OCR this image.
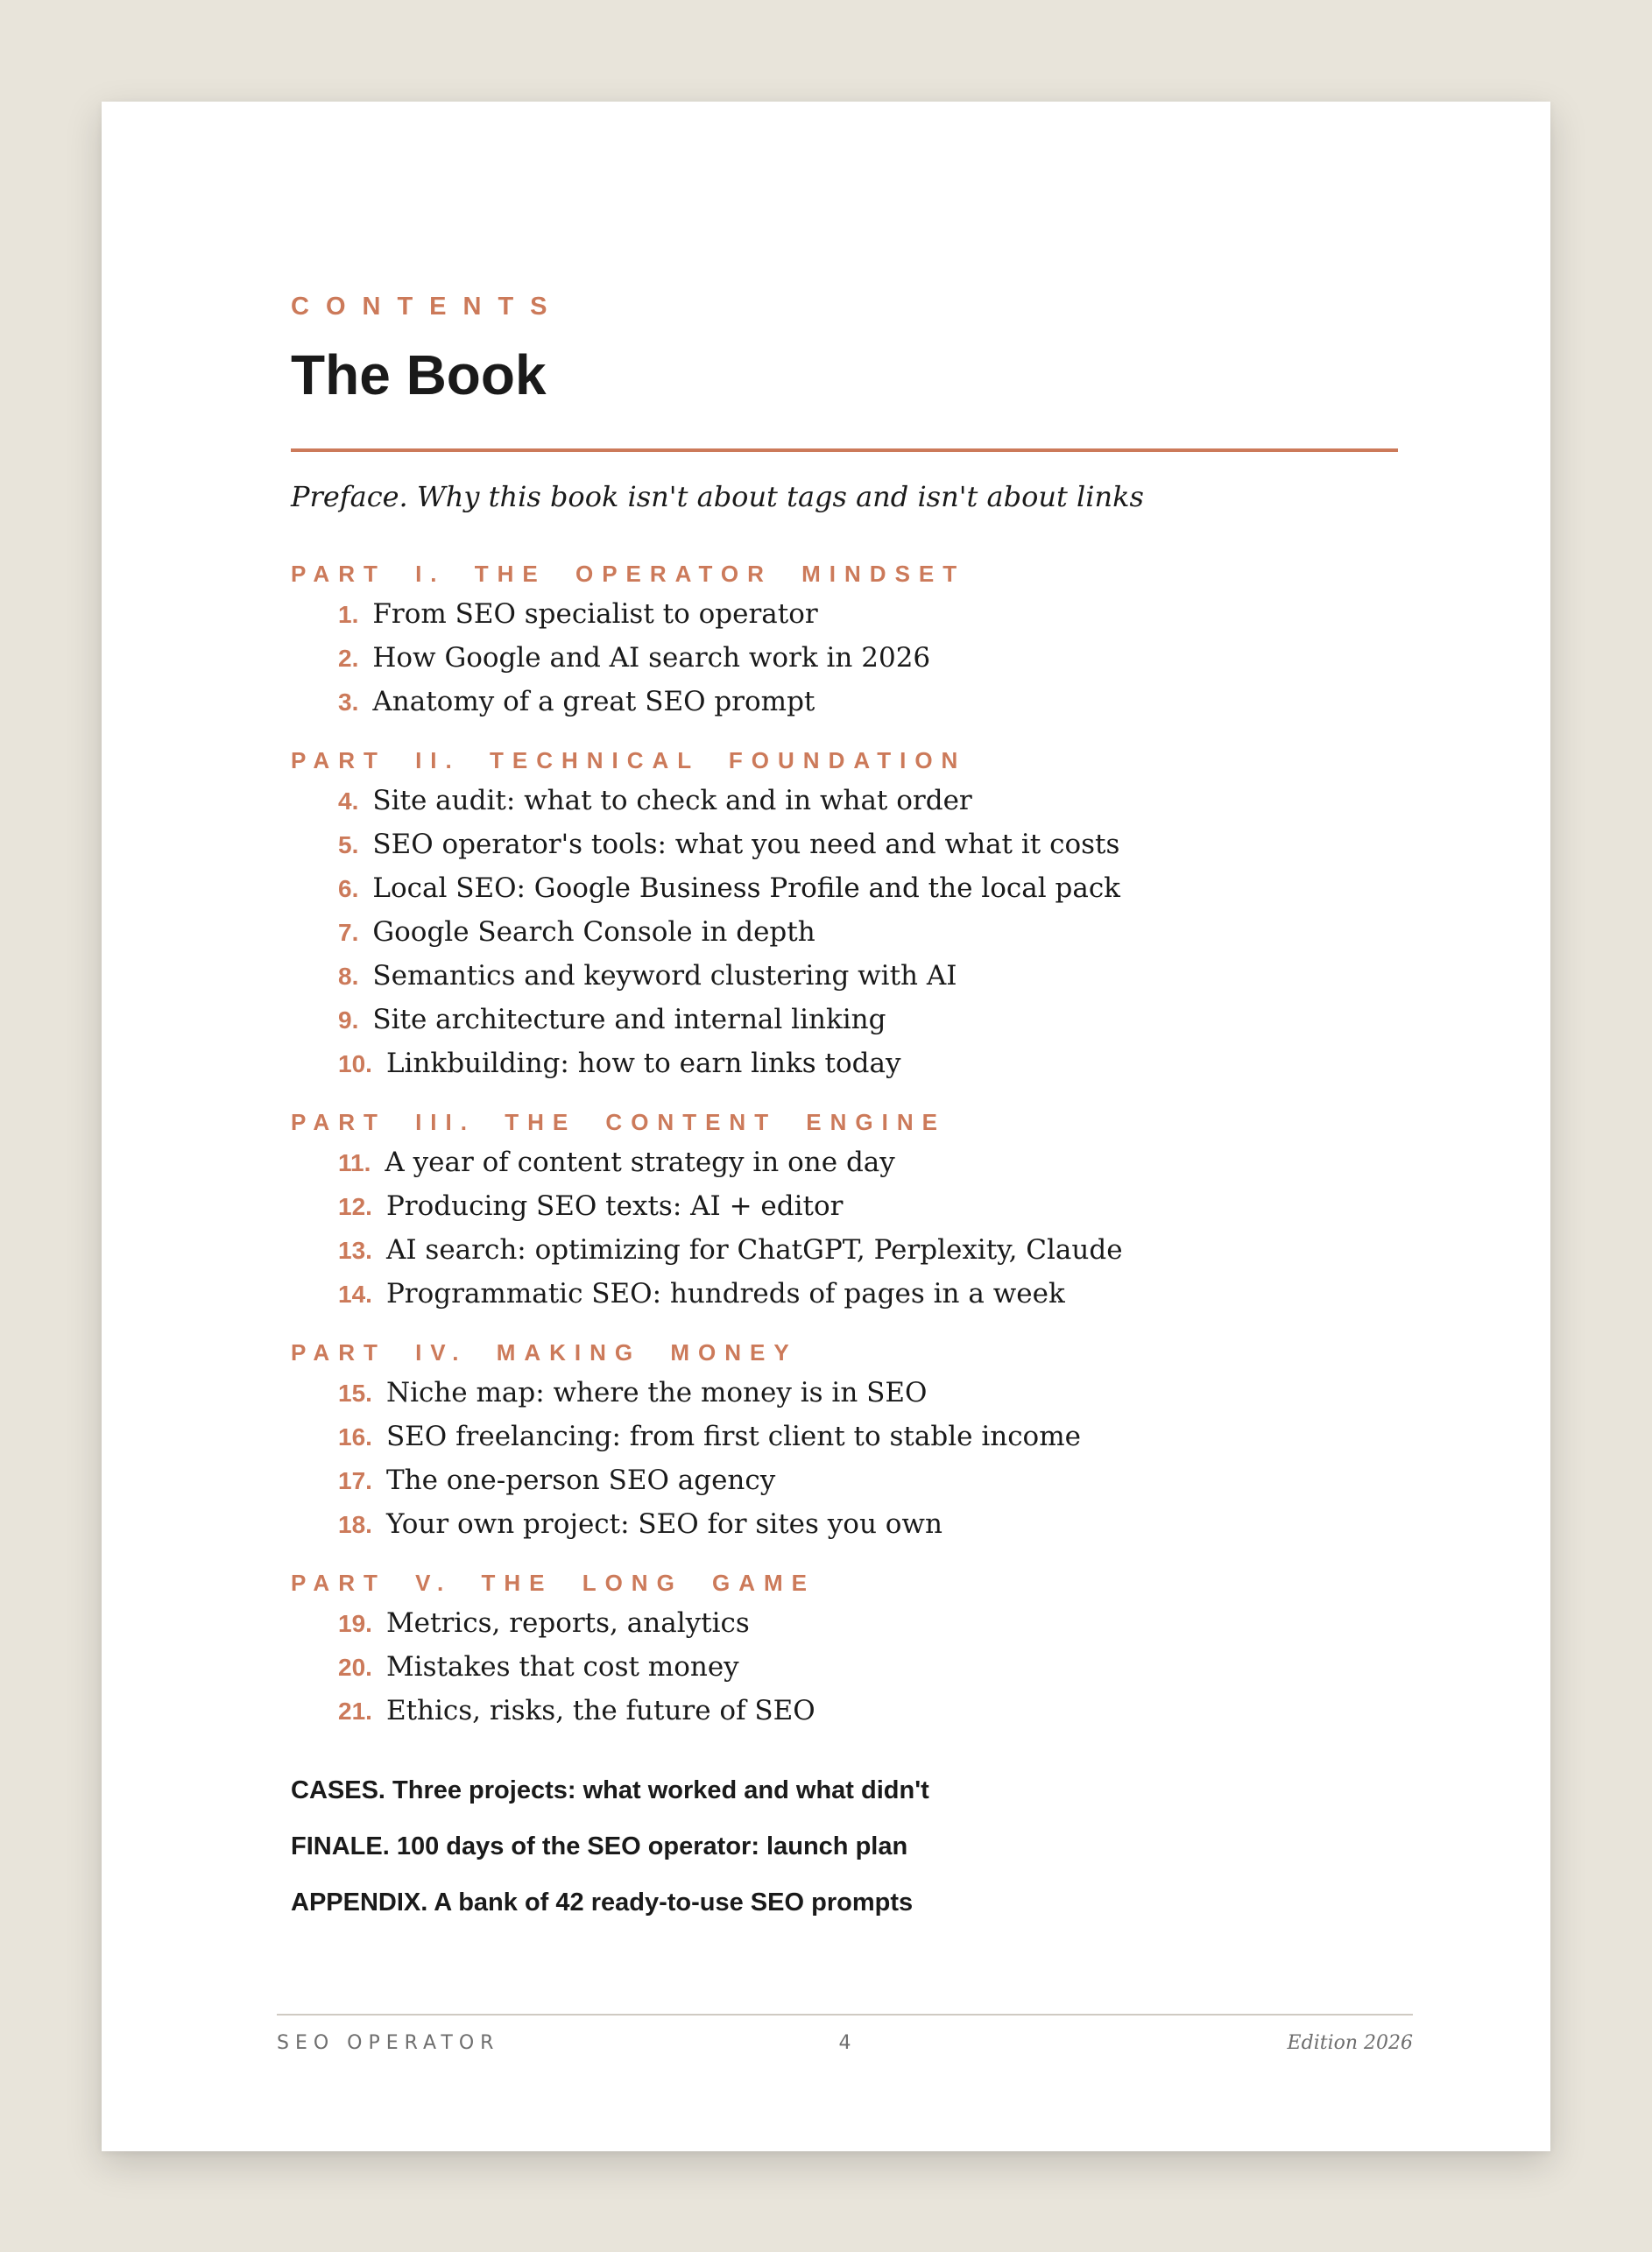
CONTENTS
The Book
Preface. Why this book isn't about tags and isn't about links
PART I. THE OPERATOR MINDSET
1. From SEO specialist to operator
2. How Google and AI search work in 2026
3. Anatomy of a great SEO prompt
PART II. TECHNICAL FOUNDATION
4. Site audit: what to check and in what order
5. SEO operator's tools: what you need and what it costs
6. Local SEO: Google Business Profile and the local pack
7. Google Search Console in depth
8. Semantics and keyword clustering with AI
9. Site architecture and internal linking
10. Linkbuilding: how to earn links today
PART III. THE CONTENT ENGINE
11. A year of content strategy in one day
12. Producing SEO texts: AI + editor
13. AI search: optimizing for ChatGPT, Perplexity, Claude
14. Programmatic SEO: hundreds of pages in a week
PART IV. MAKING MONEY
15. Niche map: where the money is in SEO
16. SEO freelancing: from first client to stable income
17. The one-person SEO agency
18. Your own project: SEO for sites you own
PART V. THE LONG GAME
19. Metrics, reports, analytics
20. Mistakes that cost money
21. Ethics, risks, the future of SEO
CASES. Three projects: what worked and what didn't
FINALE. 100 days of the SEO operator: launch plan
APPENDIX. A bank of 42 ready-to-use SEO prompts
SEO OPERATOR	4	Edition 2026
